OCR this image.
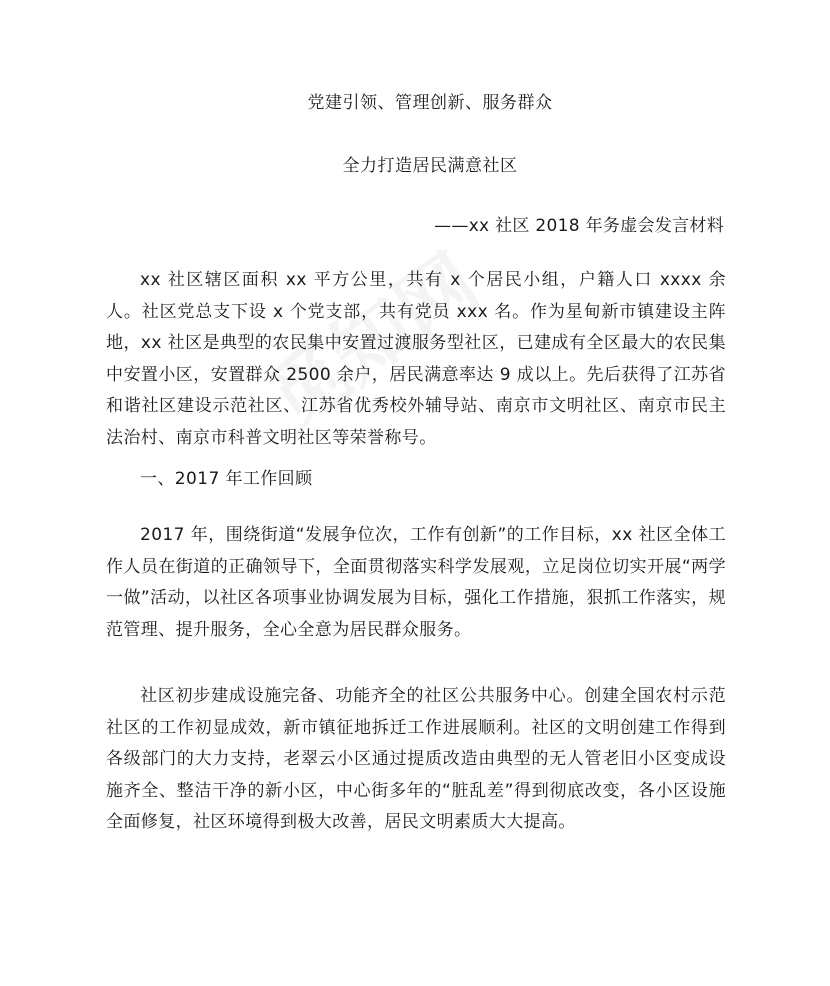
党建引领、管理创新、服务群众
全力打造居民满意社区
——xx 社区 2018 年务虚会发言材料

xx 社区辖区面积 xx 平方公里，共有 x 个居民小组，户籍人口 xxxx 余人。社区党总支下设 x 个党支部，共有党员 xxx 名。作为星甸新市镇建设主阵地，xx 社区是典型的农民集中安置过渡服务型社区，已建成有全区最大的农民集中安置小区，安置群众 2500 余户，居民满意率达 9 成以上。先后获得了江苏省和谐社区建设示范社区、江苏省优秀校外辅导站、南京市文明社区、南京市民主法治村、南京市科普文明社区等荣誉称号。

一、2017 年工作回顾

2017 年，围绕街道“发展争位次，工作有创新”的工作目标，xx 社区全体工作人员在街道的正确领导下，全面贯彻落实科学发展观，立足岗位切实开展“两学一做”活动，以社区各项事业协调发展为目标，强化工作措施，狠抓工作落实，规范管理、提升服务，全心全意为居民群众服务。

社区初步建成设施完备、功能齐全的社区公共服务中心。创建全国农村示范社区的工作初显成效，新市镇征地拆迁工作进展顺利。社区的文明创建工作得到各级部门的大力支持，老翠云小区通过提质改造由典型的无人管老旧小区变成设施齐全、整洁干净的新小区，中心街多年的“脏乱差”得到彻底改变，各小区设施全面修复，社区环境得到极大改善，居民文明素质大大提高。
